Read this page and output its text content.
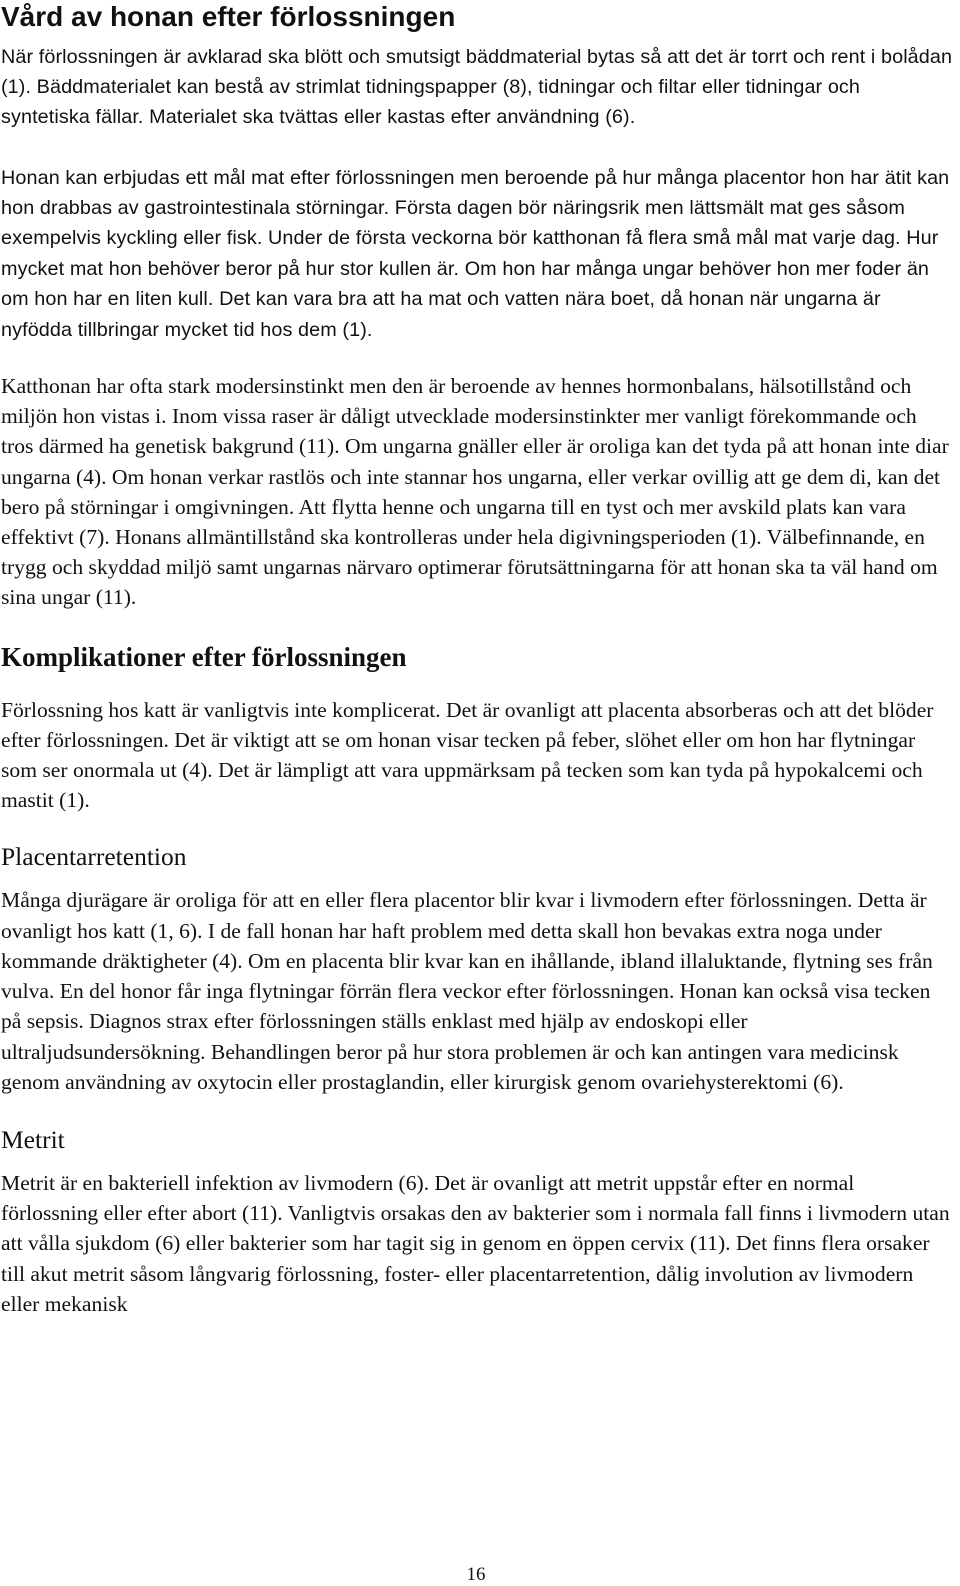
Vård av honan efter förlossningen

När förlossningen är avklarad ska blött och smutsigt bäddmaterial bytas så att det är torrt och rent i bolådan (1). Bäddmaterialet kan bestå av strimlat tidningspapper (8), tidningar och filtar eller tidningar och syntetiska fällar. Materialet ska tvättas eller kastas efter användning (6).

Honan kan erbjudas ett mål mat efter förlossningen men beroende på hur många placentor hon har ätit kan hon drabbas av gastrointestinala störningar. Första dagen bör näringsrik men lättsmält mat ges såsom exempelvis kyckling eller fisk. Under de första veckorna bör katthonan få flera små mål mat varje dag. Hur mycket mat hon behöver beror på hur stor kullen är. Om hon har många ungar behöver hon mer foder än om hon har en liten kull. Det kan vara bra att ha mat och vatten nära boet, då honan när ungarna är nyfödda tillbringar mycket tid hos dem (1).

Katthonan har ofta stark modersinstinkt men den är beroende av hennes hormonbalans, hälsotillstånd och miljön hon vistas i. Inom vissa raser är dåligt utvecklade modersinstinkter mer vanligt förekommande och tros därmed ha genetisk bakgrund (11). Om ungarna gnäller eller är oroliga kan det tyda på att honan inte diar ungarna (4). Om honan verkar rastlös och inte stannar hos ungarna, eller verkar ovillig att ge dem di, kan det bero på störningar i omgivningen. Att flytta henne och ungarna till en tyst och mer avskild plats kan vara effektivt (7). Honans allmäntillstånd ska kontrolleras under hela digivningsperioden (1). Välbefinnande, en trygg och skyddad miljö samt ungarnas närvaro optimerar förutsättningarna för att honan ska ta väl hand om sina ungar (11).

Komplikationer efter förlossningen

Förlossning hos katt är vanligtvis inte komplicerat. Det är ovanligt att placenta absorberas och att det blöder efter förlossningen. Det är viktigt att se om honan visar tecken på feber, slöhet eller om hon har flytningar som ser onormala ut (4). Det är lämpligt att vara uppmärksam på tecken som kan tyda på hypokalcemi och mastit (1).

Placentarretention

Många djurägare är oroliga för att en eller flera placentor blir kvar i livmodern efter förlossningen. Detta är ovanligt hos katt (1, 6). I de fall honan har haft problem med detta skall hon bevakas extra noga under kommande dräktigheter (4). Om en placenta blir kvar kan en ihållande, ibland illaluktande, flytning ses från vulva. En del honor får inga flytningar förrän flera veckor efter förlossningen. Honan kan också visa tecken på sepsis. Diagnos strax efter förlossningen ställs enklast med hjälp av endoskopi eller ultraljudsundersökning. Behandlingen beror på hur stora problemen är och kan antingen vara medicinsk genom användning av oxytocin eller prostaglandin, eller kirurgisk genom ovariehysterektomi (6).

Metrit

Metrit är en bakteriell infektion av livmodern (6). Det är ovanligt att metrit uppstår efter en normal förlossning eller efter abort (11). Vanligtvis orsakas den av bakterier som i normala fall finns i livmodern utan att vålla sjukdom (6) eller bakterier som har tagit sig in genom en öppen cervix (11). Det finns flera orsaker till akut metrit såsom långvarig förlossning, foster- eller placentarretention, dålig involution av livmodern eller mekanisk

16
